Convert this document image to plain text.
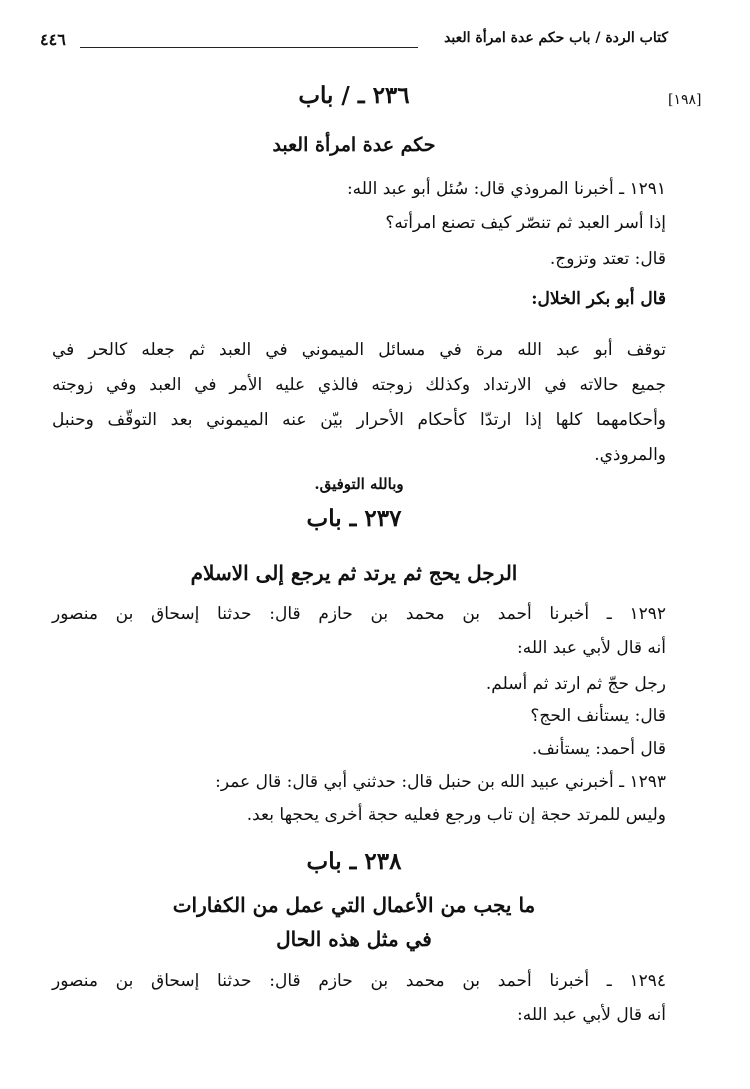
٤٤٦	كتاب الردة / باب حكم عدة امرأة العبد
[١٩٨]
٢٣٦ ـ / باب
حكم عدة امرأة العبد
١٢٩١ ـ أخبرنا المروذي قال: سُئل أبو عبد الله:
إذا أسر العبد ثم تنصّر كيف تصنع امرأته؟
قال: تعتد وتزوج.
قال أبو بكر الخلال:
توقف أبو عبد الله مرة في مسائل الميموني في العبد ثم جعله كالحر في
جميع حالاته في الارتداد وكذلك زوجته فالذي عليه الأمر في العبد وفي زوجته
وأحكامهما كلها إذا ارتدّا كأحكام الأحرار بيّن عنه الميموني بعد التوقّف وحنبل
والمروذي.
وبالله التوفيق.
٢٣٧ ـ باب
الرجل يحج ثم يرتد ثم يرجع إلى الاسلام
١٢٩٢ ـ أخبرنا أحمد بن محمد بن حازم قال: حدثنا إسحاق بن منصور
أنه قال لأبي عبد الله:
رجل حجّ ثم ارتد ثم أسلم.
قال: يستأنف الحج؟
قال أحمد: يستأنف.
١٢٩٣ ـ أخبرني عبيد الله بن حنبل قال: حدثني أبي قال: قال عمر:
وليس للمرتد حجة إن تاب ورجع فعليه حجة أخرى يحجها بعد.
٢٣٨ ـ باب
ما يجب من الأعمال التي عمل من الكفارات
في مثل هذه الحال
١٢٩٤ ـ أخبرنا أحمد بن محمد بن حازم قال: حدثنا إسحاق بن منصور
أنه قال لأبي عبد الله:
